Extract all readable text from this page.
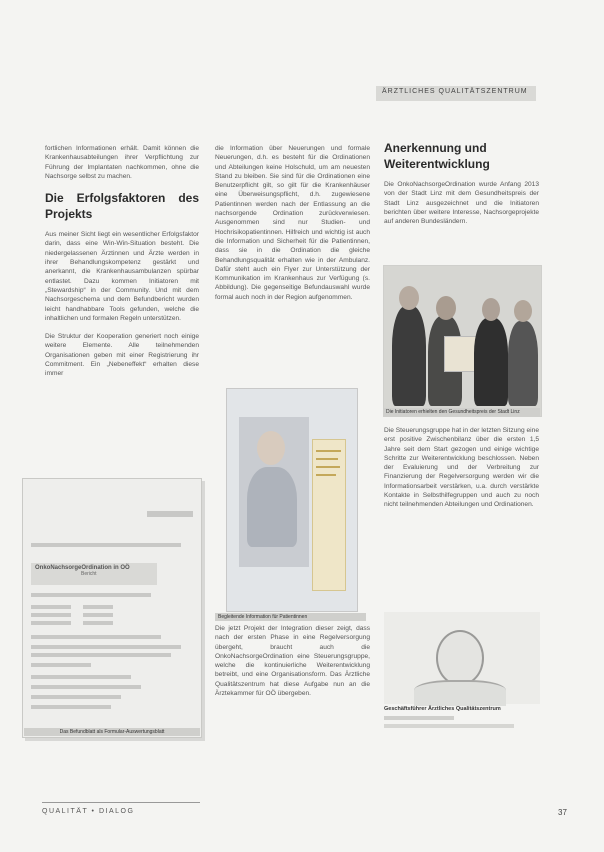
ÄRZTLICHES QUALITÄTSZENTRUM

fortlichen Informationen erhält. Damit können die Krankenhausabteilungen ihrer Verpflichtung zur Führung der Implantaten nachkommen, ohne die Nachsorge selbst zu machen.

Die Erfolgsfaktoren des Projekts

Aus meiner Sicht liegt ein wesentlicher Erfolgsfaktor darin, dass eine Win-Win-Situation besteht. Die niedergelassenen Ärztinnen und Ärzte werden in ihrer Behandlungskompetenz gestärkt und anerkannt, die Krankenhausambulanzen spürbar entlastet. Dazu kommen Initiatoren mit „Stewardship“ in der Community. Und mit dem Nachsorgeschema und dem Befundbericht wurden leicht handhabbare Tools gefunden, welche die inhaltlichen und formalen Regeln unterstützen.

Die Struktur der Kooperation generiert noch einige weitere Elemente. Alle teilnehmenden Organisationen geben mit einer Registrierung ihr Commitment. Ein „Nebeneffekt“ erhalten diese immer

die Information über Neuerungen und formale Neuerungen, d.h. es besteht für die Ordinationen und Abteilungen keine Holschuld, um am neuesten Stand zu bleiben. Sie sind für die Ordinationen eine Benutzerpflicht gilt, so gilt für die Krankenhäuser eine Überweisungspflicht, d.h. zugewiesene Patientinnen werden nach der Entlassung an die nachsorgende Ordination zurückverwiesen. Ausgenommen sind nur Studien- und Hochrisikopatientinnen. Hilfreich und wichtig ist auch die Information und Sicherheit für die Patientinnen, dass sie in die Ordination die gleiche Behandlungsqualität erhalten wie in der Ambulanz. Dafür steht auch ein Flyer zur Unterstützung der Kommunikation im Krankenhaus zur Verfügung (s. Abbildung). Die gegenseitige Befundauswahl wurde formal auch noch in der Region aufgenommen.

Die jetzt Projekt der Integration dieser zeigt, dass nach der ersten Phase in eine Regelversorgung übergeht, braucht auch die OnkoNachsorgeOrdination eine Steuerungsgruppe, welche die kontinuierliche Weiterentwicklung betreibt, und eine Organisationsform. Das Ärztliche Qualitätszentrum hat diese Aufgabe nun an die Ärztekammer für OÖ übergeben.

Anerkennung und Weiterentwicklung
Die OnkoNachsorgeOrdination wurde Anfang 2013 von der Stadt Linz mit dem Gesundheitspreis der Stadt Linz ausgezeichnet und die Initiatoren berichten über weitere Interesse, Nachsorgeprojekte auf anderen Bundesländern.
Die Steuerungsgruppe hat in der letzten Sitzung eine erst positive Zwischenbilanz über die ersten 1,5 Jahre seit dem Start gezogen und einige wichtige Schritte zur Weiterentwicklung beschlossen. Neben der Evaluierung und der Verbreitung zur Finanzierung der Regelversorgung werden wir die Informationsarbeit verstärken, u.a. durch verstärkte Kontakte in Selbsthilfegruppen und auch zu noch nicht teilnehmenden Abteilungen und Ordinationen.
Die Initiatoren erhielten den Gesundheitspreis der Stadt Linz
Begleitende Information für Patientinnen
OnkoNachsorgeOrdination in OÖ
Bericht
Das Befundblatt als Formular-Auswertungsblatt
Geschäftsführer Ärztliches Qualitätszentrum
QUALITÄT • DIALOG	37
